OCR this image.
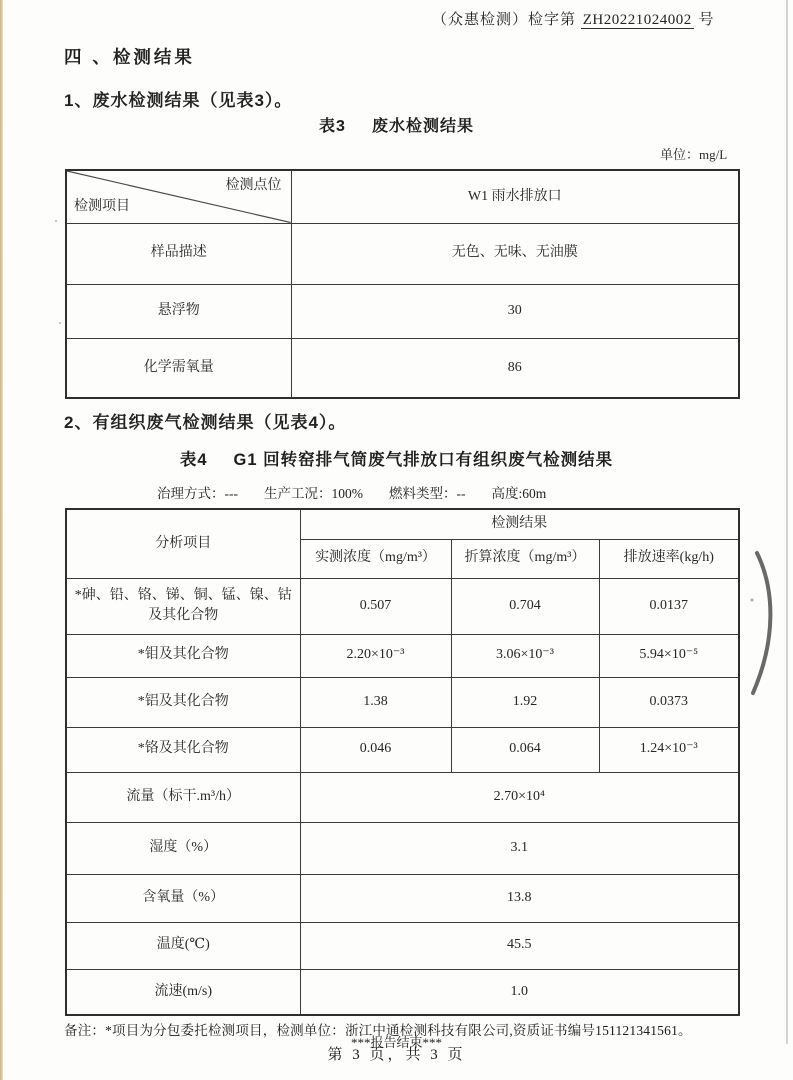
（众惠检测）检字第 ZH20221024002 号
四 、检测结果
1、废水检测结果（见表3）。
表3 废水检测结果
单位：mg/L
检测点位
检测项目	W1 雨水排放口
样品描述	无色、无味、无油膜
悬浮物	30
化学需氧量	86
2、有组织废气检测结果（见表4）。
表4 G1 回转窑排气筒废气排放口有组织废气检测结果
治理方式：--- 生产工况：100% 燃料类型：-- 高度:60m
分析项目	检测结果		
	实测浓度（mg/m³）	折算浓度（mg/m³）	排放速率(kg/h)
*砷、铅、铬、锑、铜、锰、镍、钴及其化合物	0.507	0.704	0.0137
*钼及其化合物	2.20×10⁻³	3.06×10⁻³	5.94×10⁻⁵
*铝及其化合物	1.38	1.92	0.0373
*铬及其化合物	0.046	0.064	1.24×10⁻³
流量（标干.m³/h）	2.70×10⁴		
湿度（%）	3.1		
含氧量（%）	13.8		
温度(℃)	45.5		
流速(m/s)	1.0		
备注：*项目为分包委托检测项目，检测单位：浙江中通检测科技有限公司,资质证书编号151121341561。
***报告结束***
第 3 页，共 3 页
